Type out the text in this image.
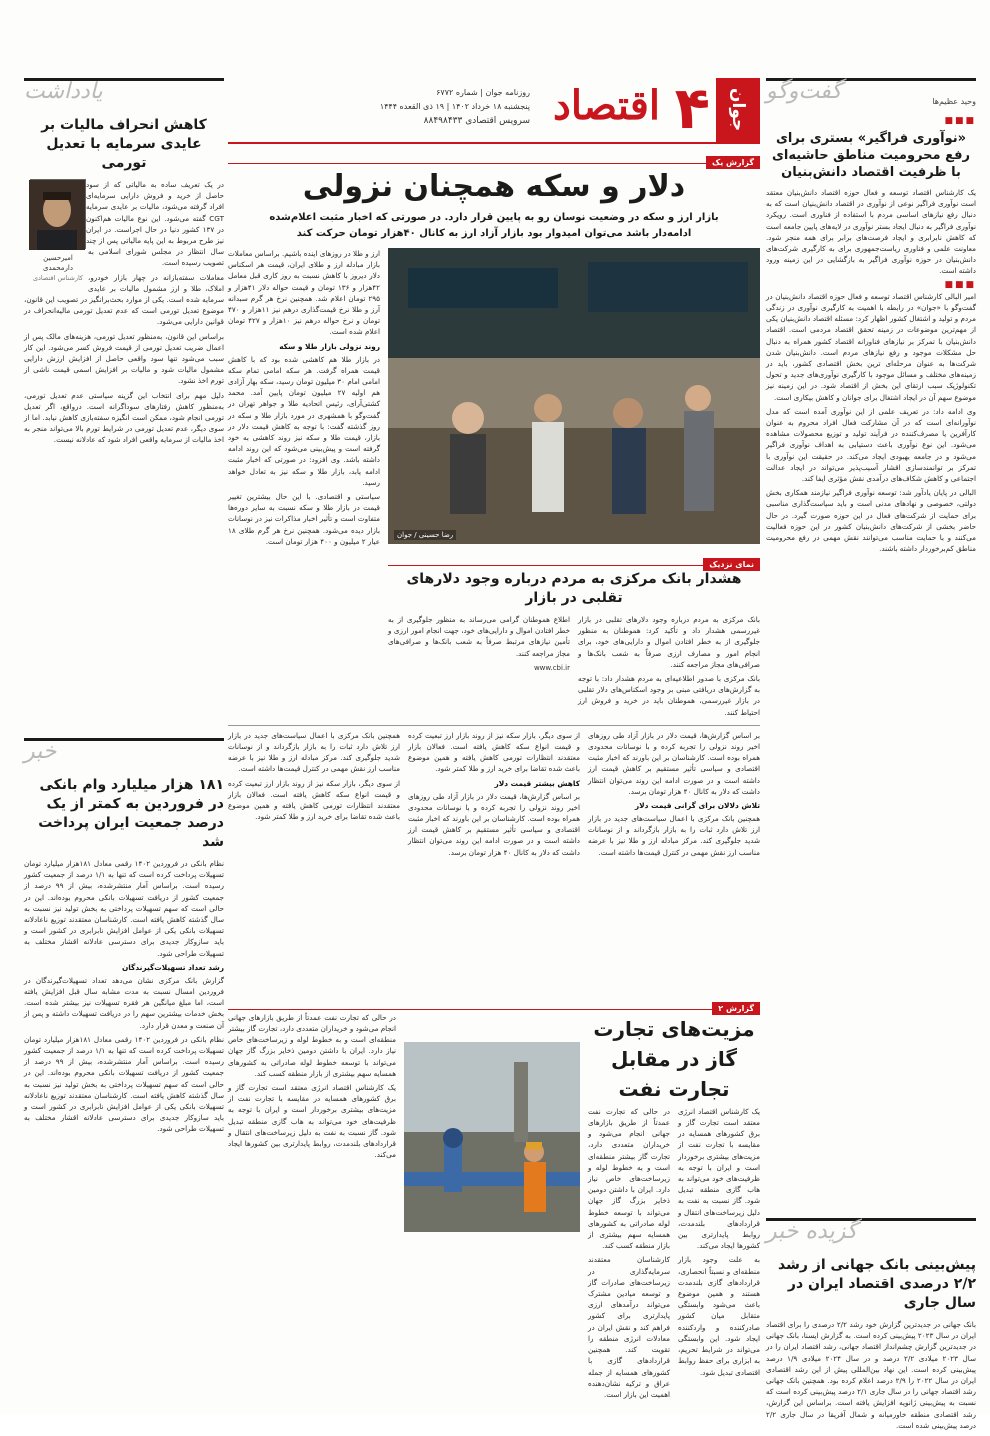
جوان
۴
اقتصاد
روزنامه جوان | شماره ۶۷۷۲
پنجشنبه ۱۸ خرداد ۱۴۰۲ | ۱۹ ذی القعده ۱۴۴۴
سرویس اقتصادی ۸۸۴۹۸۴۳۳
گفت‌وگو	وحید عظیم‌ها
■■■
«نوآوری فراگیر» بستری برای رفع محرومیت مناطق حاشیه‌ای با ظرفیت اقتصاد دانش‌بنیان

یک کارشناس اقتصاد توسعه و فعال حوزه اقتصاد دانش‌بنیان معتقد است نوآوری فراگیر نوعی از نوآوری در اقتصاد دانش‌بنیان است که به دنبال رفع نیازهای اساسی مردم با استفاده از فناوری است. رویکرد نوآوری فراگیر به دنبال ایجاد بستر نوآوری در لایه‌های پایین جامعه است که کاهش نابرابری و ایجاد فرصت‌های برابر برای همه منجر شود. معاونت علمی و فناوری ریاست‌جمهوری برای به کارگیری شرکت‌های دانش‌بنیان در حوزه نوآوری فراگیر به بازگشایی در این زمینه ورود داشته است.

■■■

امیر البالی کارشناس اقتصاد توسعه و فعال حوزه اقتصاد دانش‌بنیان در گفت‌وگو با «جوان» در رابطه با اهمیت به کارگیری نوآوری در زندگی مردم و تولید و اشتغال کشور اظهار کرد: مسئله اقتصاد دانش‌بنیان یکی از مهم‌ترین موضوعات در زمینه تحقق اقتصاد مردمی است. اقتصاد دانش‌بنیان با تمرکز بر نیازهای فناورانه اقتصاد کشور همراه به دنبال حل مشکلات موجود و رفع نیازهای مردم است. دانش‌بنیان شدن شرکت‌ها به عنوان مرحله‌ای ترین بخش اقتصادی کشور، باید در زمینه‌های مختلف و مسائل موجود با کارگیری نوآوری‌های جدید و تحول تکنولوژیک سبب ارتقای این بخش از اقتصاد شود. در این زمینه نیز موضوع سهم آن در ایجاد اشتغال برای جوانان و کاهش بیکاری است.

وی ادامه داد: در تعریف علمی از این نوآوری آمده است که مدل نوآورانه‌ای است که در آن مشارکت فعال افراد محروم به عنوان کارآفرین یا مصرف‌کننده در فرآیند تولید و توزیع محصولات مشاهده می‌شود. این نوع نوآوری باعث دستیابی به اهداف نوآوری فراگیر می‌شود و در جامعه بهبودی ایجاد می‌کند. در حقیقت این نوآوری با تمرکز بر توانمندسازی اقشار آسیب‌پذیر می‌تواند در ایجاد عدالت اجتماعی و کاهش شکاف‌های درآمدی نقش مؤثری ایفا کند.

البالی در پایان یادآور شد: توسعه نوآوری فراگیر نیازمند همکاری بخش دولتی، خصوصی و نهادهای مدنی است و باید سیاست‌گذاری مناسبی برای حمایت از شرکت‌های فعال در این حوزه صورت گیرد. در حال حاضر بخشی از شرکت‌های دانش‌بنیان کشور در این حوزه فعالیت می‌کنند و با حمایت مناسب می‌توانند نقش مهمی در رفع محرومیت مناطق کم‌برخوردار داشته باشند.

گزیده خبر
پیش‌بینی بانک جهانی از رشد ۲/۲ درصدی اقتصاد ایران در سال جاری
بانک جهانی در جدیدترین گزارش خود رشد ۲/۲ درصدی را برای اقتصاد ایران در سال ۲۰۲۳ پیش‌بینی کرده است. به گزارش ایسنا، بانک جهانی در جدیدترین گزارش چشم‌انداز اقتصاد جهانی، رشد اقتصاد ایران را در سال ۲۰۲۳ میلادی ۲/۲ درصد و در سال ۲۰۲۴ میلادی ۱/۹ درصد پیش‌بینی کرده است. این نهاد بین‌المللی پیش از این رشد اقتصادی ایران در سال ۲۰۲۲ را ۲/۹ درصد اعلام کرده بود. همچنین بانک جهانی رشد اقتصاد جهانی را در سال جاری ۲/۱ درصد پیش‌بینی کرده است که نسبت به پیش‌بینی ژانویه افزایش یافته است. براساس این گزارش، رشد اقتصادی منطقه خاورمیانه و شمال آفریقا در سال جاری ۲/۲ درصد پیش‌بینی شده است.
گزارش یک
دلار و سکه همچنان نزولی
بازار ارز و سکه در وضعیت نوسان رو به پایین قرار دارد. در صورتی که اخبار مثبت اعلام‌شده ادامه‌دار باشد می‌توان امیدوار بود بازار آزاد ارز به کانال ۴۰هزار تومان حرکت کند
رضا حسینی / جوان

ارز و طلا در روزهای اینده باشیم. براساس معاملات بازار مبادله ارز و طلای ایران، قیمت هر اسکناس دلار دیروز با کاهش نسبت به روز کاری قبل معامل ۴۲هزار و ۱۳۶ تومان و قیمت حواله دلار ۴۱هزار و ۲۹۵ تومان اعلام شد. همچنین نرخ هر گرم سبدانه آرز و طلا نرخ قیمت‌گذاری درهم نیز ۱۱هزار و ۴۷۰ تومان و نرخ حواله درهم نیز ۱۰هزار و ۴۲۷ تومان اعلام شده است.

روند نزولی بازار طلا و سکه

در بازار طلا هم کاهشی شده بود که با کاهش قیمت همراه گرفت. هر سکه امامی تمام سکه امامی امام ۳۰ میلیون تومان رسید، سکه بهار آزادی هم اولیه ۲۷ میلیون تومان پایین آمد. محمد کشتی‌آرای، رئیس اتحادیه طلا و جواهر تهران در گفت‌وگو با همشهری در مورد بازار طلا و سکه در روز گذشته گفت: با توجه به کاهش قیمت دلار در بازار، قیمت طلا و سکه نیز روند کاهشی به خود گرفته است و پیش‌بینی می‌شود که این روند ادامه داشته باشد. وی افزود: در صورتی که اخبار مثبت ادامه یابد، بازار طلا و سکه نیز به تعادل خواهد رسید.

سیاستی و اقتصادی. با این حال بیشترین تغییر قیمت در بازار طلا و سکه نسبت به سایر دوره‌ها متفاوت است و تأثیر اخبار مذاکرات نیز در نوسانات بازار دیده می‌شود. همچنین نرخ هر گرم طلای ۱۸ عیار ۲ میلیون و ۴۰۰ هزار تومان است.

نمای نزدیک
هشدار بانک مرکزی به مردم درباره وجود دلارهای تقلبی در بازار

بانک مرکزی به مردم درباره وجود دلارهای تقلبی در بازار غیررسمی هشدار داد و تأکید کرد: هموطنان به منظور جلوگیری از به خطر افتادن اموال و دارایی‌های خود، برای انجام امور و مصارف ارزی صرفاً به شعب بانک‌ها و صرافی‌های مجاز مراجعه کنند.

بانک مرکزی با صدور اطلاعیه‌ای به مردم هشدار داد: با توجه به گزارش‌های دریافتی مبنی بر وجود اسکناس‌های دلار تقلبی در بازار غیررسمی، هموطنان باید در خرید و فروش ارز احتیاط کنند.

اطلاع هموطنان گرامی می‌رساند به منظور جلوگیری از به خطر افتادن اموال و دارایی‌های خود، جهت انجام امور ارزی و تأمین نیازهای مرتبط صرفاً به شعب بانک‌ها و صرافی‌های مجاز مراجعه کنند.

www.cbi.ir

بر اساس گزارش‌ها، قیمت دلار در بازار آزاد طی روزهای اخیر روند نزولی را تجربه کرده و با نوسانات محدودی همراه بوده است. کارشناسان بر این باورند که اخبار مثبت اقتصادی و سیاسی تأثیر مستقیم بر کاهش قیمت ارز داشته است و در صورت ادامه این روند می‌توان انتظار داشت که دلار به کانال ۴۰ هزار تومان برسد.

تلاش دلالان برای گرانی قیمت دلار

همچنین بانک مرکزی با اعمال سیاست‌های جدید در بازار ارز تلاش دارد ثبات را به بازار بازگرداند و از نوسانات شدید جلوگیری کند. مرکز مبادله ارز و طلا نیز با عرضه مناسب ارز نقش مهمی در کنترل قیمت‌ها داشته است.

از سوی دیگر، بازار سکه نیز از روند بازار ارز تبعیت کرده و قیمت انواع سکه کاهش یافته است. فعالان بازار معتقدند انتظارات تورمی کاهش یافته و همین موضوع باعث شده تقاضا برای خرید ارز و طلا کمتر شود.

کاهش بیشتر قیمت دلار

بر اساس گزارش‌ها، قیمت دلار در بازار آزاد طی روزهای اخیر روند نزولی را تجربه کرده و با نوسانات محدودی همراه بوده است. کارشناسان بر این باورند که اخبار مثبت اقتصادی و سیاسی تأثیر مستقیم بر کاهش قیمت ارز داشته است و در صورت ادامه این روند می‌توان انتظار داشت که دلار به کانال ۴۰ هزار تومان برسد.

همچنین بانک مرکزی با اعمال سیاست‌های جدید در بازار ارز تلاش دارد ثبات را به بازار بازگرداند و از نوسانات شدید جلوگیری کند. مرکز مبادله ارز و طلا نیز با عرضه مناسب ارز نقش مهمی در کنترل قیمت‌ها داشته است.

از سوی دیگر، بازار سکه نیز از روند بازار ارز تبعیت کرده و قیمت انواع سکه کاهش یافته است. فعالان بازار معتقدند انتظارات تورمی کاهش یافته و همین موضوع باعث شده تقاضا برای خرید ارز و طلا کمتر شود.

گزارش ۲
مزیت‌های تجارت گاز در مقابل تجارت نفت

یک کارشناس اقتصاد انرژی معتقد است تجارت گاز و برق کشورهای همسایه در مقایسه با تجارت نفت از مزیت‌های بیشتری برخوردار است و ایران با توجه به ظرفیت‌های خود می‌تواند به هاب گازی منطقه تبدیل شود. گاز نسبت به نفت به دلیل زیرساخت‌های انتقال و قراردادهای بلندمدت، روابط پایدارتری بین کشورها ایجاد می‌کند.

به علت وجود بازار منطقه‌ای و نسبتاً انحصاری، قراردادهای گازی بلندمدت هستند و همین موضوع باعث می‌شود وابستگی متقابل میان کشور صادرکننده و واردکننده ایجاد شود. این وابستگی می‌تواند در شرایط تحریم، به ابزاری برای حفظ روابط اقتصادی تبدیل شود.

در حالی که تجارت نفت عمدتاً از طریق بازارهای جهانی انجام می‌شود و خریداران متعددی دارد، تجارت گاز بیشتر منطقه‌ای است و به خطوط لوله و زیرساخت‌های خاص نیاز دارد. ایران با داشتن دومین ذخایر بزرگ گاز جهان می‌تواند با توسعه خطوط لوله صادراتی به کشورهای همسایه سهم بیشتری از بازار منطقه کسب کند.

کارشناسان معتقدند سرمایه‌گذاری در زیرساخت‌های صادرات گاز و توسعه میادین مشترک می‌تواند درآمدهای ارزی پایدارتری برای کشور فراهم کند و نقش ایران در معادلات انرژی منطقه را تقویت کند. همچنین قراردادهای گازی با کشورهای همسایه از جمله عراق و ترکیه نشان‌دهنده اهمیت این بازار است.

در حالی که تجارت نفت عمدتاً از طریق بازارهای جهانی انجام می‌شود و خریداران متعددی دارد، تجارت گاز بیشتر منطقه‌ای است و به خطوط لوله و زیرساخت‌های خاص نیاز دارد. ایران با داشتن دومین ذخایر بزرگ گاز جهان می‌تواند با توسعه خطوط لوله صادراتی به کشورهای همسایه سهم بیشتری از بازار منطقه کسب کند.

یک کارشناس اقتصاد انرژی معتقد است تجارت گاز و برق کشورهای همسایه در مقایسه با تجارت نفت از مزیت‌های بیشتری برخوردار است و ایران با توجه به ظرفیت‌های خود می‌تواند به هاب گازی منطقه تبدیل شود. گاز نسبت به نفت به دلیل زیرساخت‌های انتقال و قراردادهای بلندمدت، روابط پایدارتری بین کشورها ایجاد می‌کند.

یادداشت
کاهش انحراف مالیات بر عایدی سرمایه با تعدیل تورمی
امیرحسین دارمحمدی
کارشناس اقتصادی

در یک تعریف ساده به مالیاتی که از سود حاصل از خرید و فروش دارایی سرمایه‌ای افراد گرفته می‌شود، مالیات بر عایدی سرمایه CGT گفته می‌شود. این نوع مالیات هم‌اکنون در ۱۳۷ کشور دنیا در حال اجراست. در ایران نیز طرح مربوط به این پایه مالیاتی پس از چند سال انتظار در مجلس شورای اسلامی به تصویب رسیده است.

معاملات سفته‌بازانه در چهار بازار خودرو، املاک، طلا و ارز مشمول مالیات بر عایدی سرمایه شده است. یکی از موارد بحث‌برانگیز در تصویب این قانون، موضوع تعدیل تورمی است که عدم تعدیل تورمی مالیه‌انحراف در قوانین دارایی می‌شود.

براساس این قانون، به‌منظور تعدیل تورمی، هزینه‌های مالک پس از اعمال ضریب تعدیل تورمی از قیمت فروش کسر می‌شود. این کار سبب می‌شود تنها سود واقعی حاصل از افزایش ارزش دارایی مشمول مالیات شود و مالیات بر افزایش اسمی قیمت ناشی از تورم اخذ نشود.

دلیل مهم برای انتخاب این گزینه سیاستی عدم تعدیل تورمی، به‌منظور کاهش رفتارهای سوداگرانه است. درواقع، اگر تعدیل تورمی انجام شود، ممکن است انگیزه سفته‌بازی کاهش نیابد. اما از سوی دیگر، عدم تعدیل تورمی در شرایط تورم بالا می‌تواند منجر به اخذ مالیات از سرمایه واقعی افراد شود که عادلانه نیست.

خبر
۱۸۱ هزار میلیارد وام بانکی در فروردین به کمتر از یک درصد جمعیت ایران پرداخت شد

نظام بانکی در فروردین ۱۴۰۲ رقمی معادل ۱۸۱هزار میلیارد تومان تسهیلات پرداخت کرده است که تنها به ۱/۱ درصد از جمعیت کشور رسیده است. براساس آمار منتشرشده، بیش از ۹۹ درصد از جمعیت کشور از دریافت تسهیلات بانکی محروم بوده‌اند. این در حالی است که سهم تسهیلات پرداختی به بخش تولید نیز نسبت به سال گذشته کاهش یافته است. کارشناسان معتقدند توزیع ناعادلانه تسهیلات بانکی یکی از عوامل افزایش نابرابری در کشور است و باید سازوکار جدیدی برای دسترسی عادلانه اقشار مختلف به تسهیلات طراحی شود.

رشد تعداد تسهیلات‌گیرندگان

گزارش بانک مرکزی نشان می‌دهد تعداد تسهیلات‌گیرندگان در فروردین امسال نسبت به مدت مشابه سال قبل افزایش یافته است، اما مبلغ میانگین هر فقره تسهیلات نیز بیشتر شده است. بخش خدمات بیشترین سهم را در دریافت تسهیلات داشته و پس از آن صنعت و معدن قرار دارد.

نظام بانکی در فروردین ۱۴۰۲ رقمی معادل ۱۸۱هزار میلیارد تومان تسهیلات پرداخت کرده است که تنها به ۱/۱ درصد از جمعیت کشور رسیده است. براساس آمار منتشرشده، بیش از ۹۹ درصد از جمعیت کشور از دریافت تسهیلات بانکی محروم بوده‌اند. این در حالی است که سهم تسهیلات پرداختی به بخش تولید نیز نسبت به سال گذشته کاهش یافته است. کارشناسان معتقدند توزیع ناعادلانه تسهیلات بانکی یکی از عوامل افزایش نابرابری در کشور است و باید سازوکار جدیدی برای دسترسی عادلانه اقشار مختلف به تسهیلات طراحی شود.
